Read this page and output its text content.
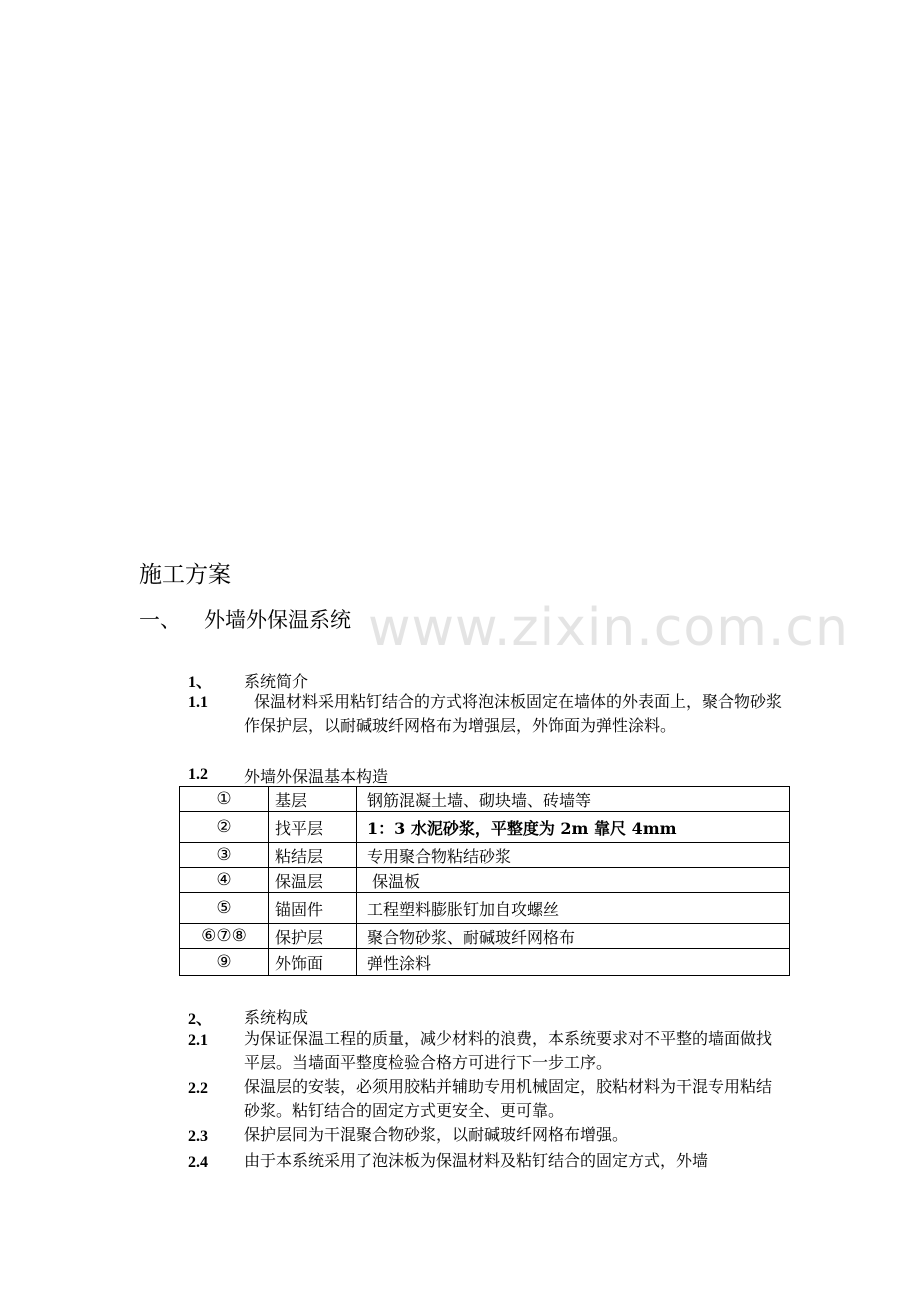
施工方案
www.zixin.com.cn
一、 外墙外保温系统
1、 系统简介
1.1	保温材料采用粘钉结合的方式将泡沫板固定在墙体的外表面上，聚合物砂浆作保护层，以耐碱玻纤网格布为增强层，外饰面为弹性涂料。
1.2 外墙外保温基本构造
①	基层	钢筋混凝土墙、砌块墙、砖墙等
②	找平层	1：3 水泥砂浆，平整度为 2m 靠尺 4mm
③	粘结层	专用聚合物粘结砂浆
④	保温层	保温板
⑤	锚固件	工程塑料膨胀钉加自攻螺丝
⑥⑦⑧	保护层	聚合物砂浆、耐碱玻纤网格布
⑨	外饰面	弹性涂料
2、 系统构成
2.1 为保证保温工程的质量，减少材料的浪费，本系统要求对不平整的墙面做找平层。当墙面平整度检验合格方可进行下一步工序。
2.2 保温层的安装，必须用胶粘并辅助专用机械固定，胶粘材料为干混专用粘结砂浆。粘钉结合的固定方式更安全、更可靠。
2.3 保护层同为干混聚合物砂浆，以耐碱玻纤网格布增强。
2.4 由于本系统采用了泡沫板为保温材料及粘钉结合的固定方式，外墙
